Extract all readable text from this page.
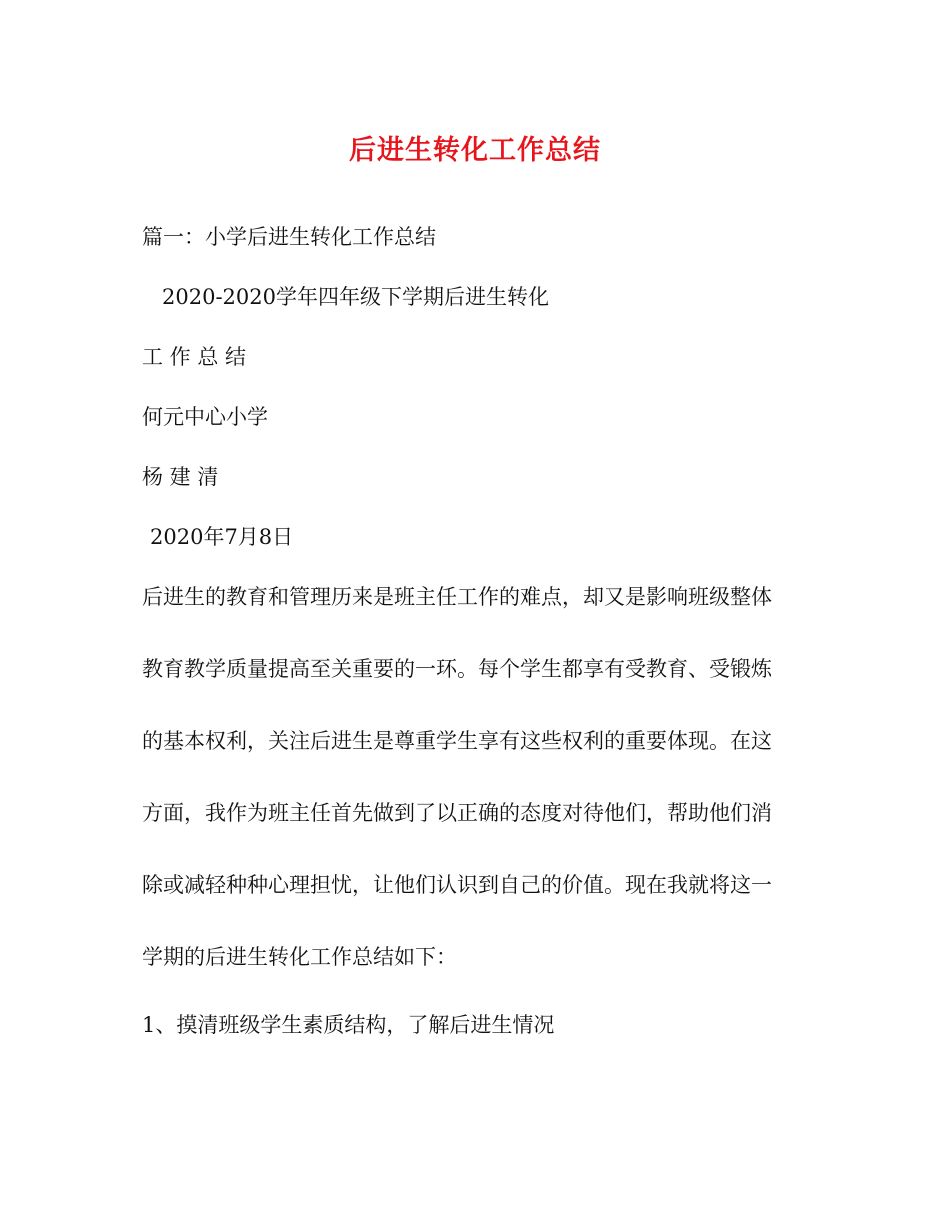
后进生转化工作总结
篇一：小学后进生转化工作总结
2020-2020学年四年级下学期后进生转化
工 作 总 结
何元中心小学
杨 建 清
2020年7月8日
后进生的教育和管理历来是班主任工作的难点，却又是影响班级整体
教育教学质量提高至关重要的一环。每个学生都享有受教育、受锻炼
的基本权利，关注后进生是尊重学生享有这些权利的重要体现。在这
方面，我作为班主任首先做到了以正确的态度对待他们，帮助他们消
除或减轻种种心理担忧，让他们认识到自己的价值。现在我就将这一
学期的后进生转化工作总结如下：
1、摸清班级学生素质结构，了解后进生情况
